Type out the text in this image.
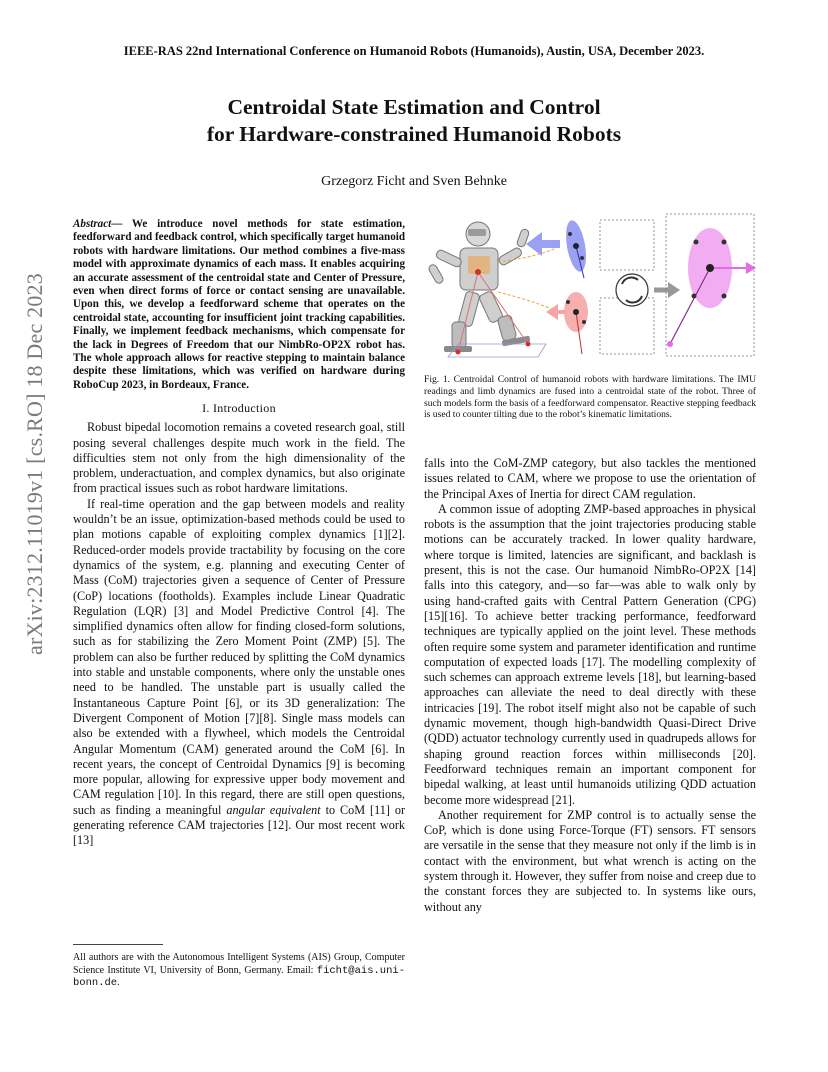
IEEE-RAS 22nd International Conference on Humanoid Robots (Humanoids), Austin, USA, December 2023.
Centroidal State Estimation and Control
for Hardware-constrained Humanoid Robots
Grzegorz Ficht and Sven Behnke
arXiv:2312.11019v1 [cs.RO] 18 Dec 2023
Abstract— We introduce novel methods for state estimation, feedforward and feedback control, which specifically target humanoid robots with hardware limitations. Our method combines a five-mass model with approximate dynamics of each mass. It enables acquiring an accurate assessment of the centroidal state and Center of Pressure, even when direct forms of force or contact sensing are unavailable. Upon this, we develop a feedforward scheme that operates on the centroidal state, accounting for insufficient joint tracking capabilities. Finally, we implement feedback mechanisms, which compensate for the lack in Degrees of Freedom that our NimbRo-OP2X robot has. The whole approach allows for reactive stepping to maintain balance despite these limitations, which was verified on hardware during RoboCup 2023, in Bordeaux, France.
I. Introduction

Robust bipedal locomotion remains a coveted research goal, still posing several challenges despite much work in the field. The difficulties stem not only from the high dimensionality of the problem, underactuation, and complex dynamics, but also originate from practical issues such as robot hardware limitations.

If real-time operation and the gap between models and reality wouldn’t be an issue, optimization-based methods could be used to plan motions capable of exploiting complex dynamics [1][2]. Reduced-order models provide tractability by focusing on the core dynamics of the system, e.g. planning and executing Center of Mass (CoM) trajectories given a sequence of Center of Pressure (CoP) locations (footholds). Examples include Linear Quadratic Regulation (LQR) [3] and Model Predictive Control [4]. The simplified dynamics often allow for finding closed-form solutions, such as for stabilizing the Zero Moment Point (ZMP) [5]. The problem can also be further reduced by splitting the CoM dynamics into stable and unstable components, where only the unstable ones need to be handled. The unstable part is usually called the Instantaneous Capture Point [6], or its 3D generalization: The Divergent Component of Motion [7][8]. Single mass models can also be extended with a flywheel, which models the Centroidal Angular Momentum (CAM) generated around the CoM [6]. In recent years, the concept of Centroidal Dynamics [9] is becoming more popular, allowing for expressive upper body movement and CAM regulation [10]. In this regard, there are still open questions, such as finding a meaningful angular equivalent to CoM [11] or generating reference CAM trajectories [12]. Our most recent work [13]

All authors are with the Autonomous Intelligent Systems (AIS) Group, Computer Science Institute VI, University of Bonn, Germany. Email: ficht@ais.uni-bonn.de.
Fig. 1. Centroidal Control of humanoid robots with hardware limitations. The IMU readings and limb dynamics are fused into a centroidal state of the robot. Three of such models form the basis of a feedforward compensator. Reactive stepping feedback is used to counter tilting due to the robot’s kinematic limitations.

falls into the CoM-ZMP category, but also tackles the mentioned issues related to CAM, where we propose to use the orientation of the Principal Axes of Inertia for direct CAM regulation.

A common issue of adopting ZMP-based approaches in physical robots is the assumption that the joint trajectories producing stable motions can be accurately tracked. In lower quality hardware, where torque is limited, latencies are significant, and backlash is present, this is not the case. Our humanoid NimbRo-OP2X [14] falls into this category, and—so far—was able to walk only by using hand-crafted gaits with Central Pattern Generation (CPG) [15][16]. To achieve better tracking performance, feedforward techniques are typically applied on the joint level. These methods often require some system and parameter identification and runtime computation of expected loads [17]. The modelling complexity of such schemes can approach extreme levels [18], but learning-based approaches can alleviate the need to deal directly with these intricacies [19]. The robot itself might also not be capable of such dynamic movement, though high-bandwidth Quasi-Direct Drive (QDD) actuator technology currently used in quadrupeds allows for shaping ground reaction forces within milliseconds [20]. Feedforward techniques remain an important component for bipedal walking, at least until humanoids utilizing QDD actuation become more widespread [21].

Another requirement for ZMP control is to actually sense the CoP, which is done using Force-Torque (FT) sensors. FT sensors are versatile in the sense that they measure not only if the limb is in contact with the environment, but what wrench is acting on the system through it. However, they suffer from noise and creep due to the constant forces they are subjected to. In systems like ours, without any
